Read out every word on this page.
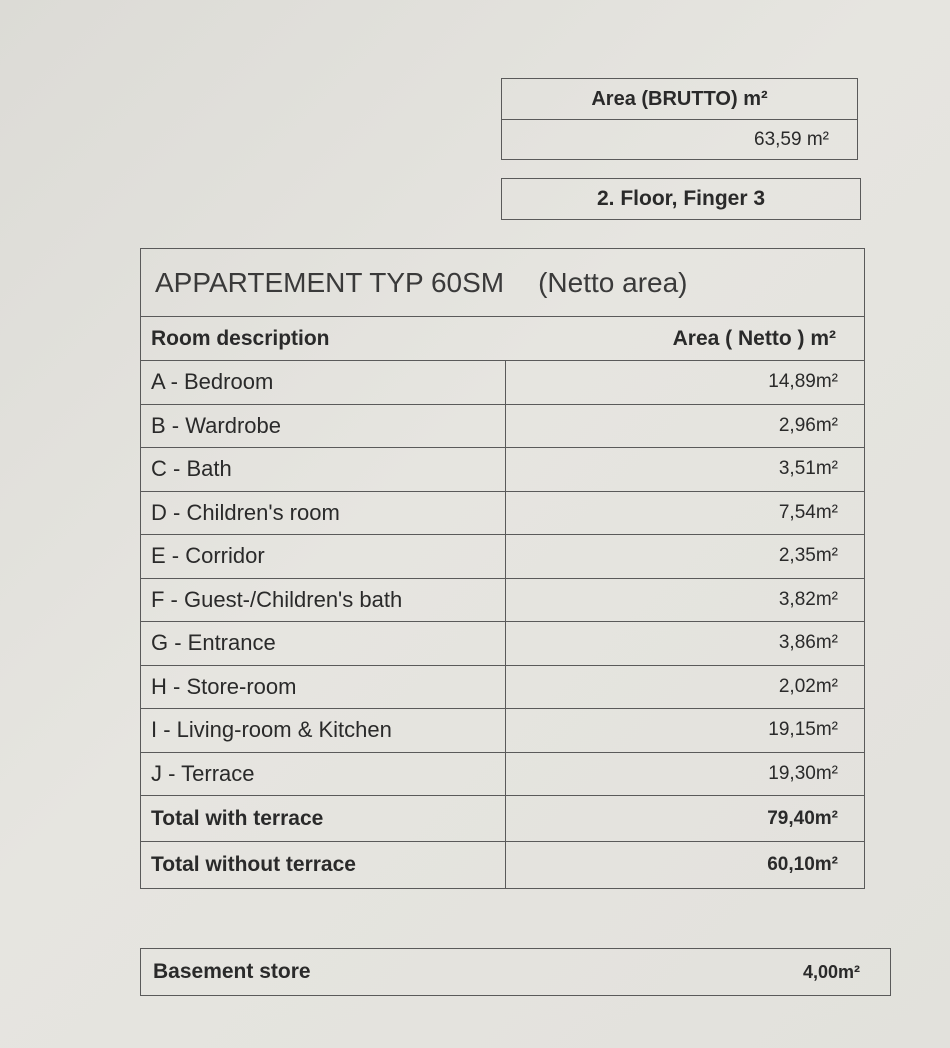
Area (BRUTTO) m²
63,59 m²
2. Floor, Finger 3
APPARTEMENT TYP 60SM (Netto area)
Room description	Area ( Netto ) m²
A - Bedroom	14,89m²
B - Wardrobe	2,96m²
C - Bath	3,51m²
D - Children's room	7,54m²
E - Corridor	2,35m²
F - Guest-/Children's bath	3,82m²
G - Entrance	3,86m²
H - Store-room	2,02m²
I - Living-room & Kitchen	19,15m²
J - Terrace	19,30m²
Total with terrace	79,40m²
Total without terrace	60,10m²
Basement store	4,00m²
